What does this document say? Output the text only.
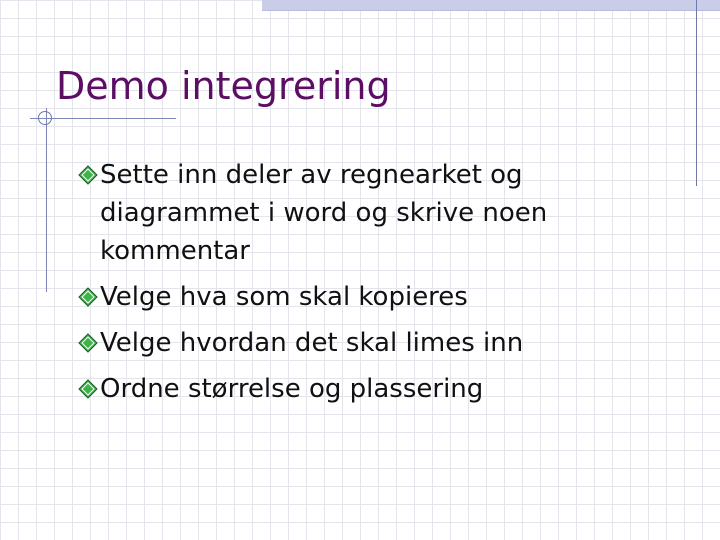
Demo integrering
Sette inn deler av regnearket og diagrammet i word og skrive noen kommentar
Velge hva som skal kopieres
Velge hvordan det skal limes inn
Ordne størrelse og plassering
